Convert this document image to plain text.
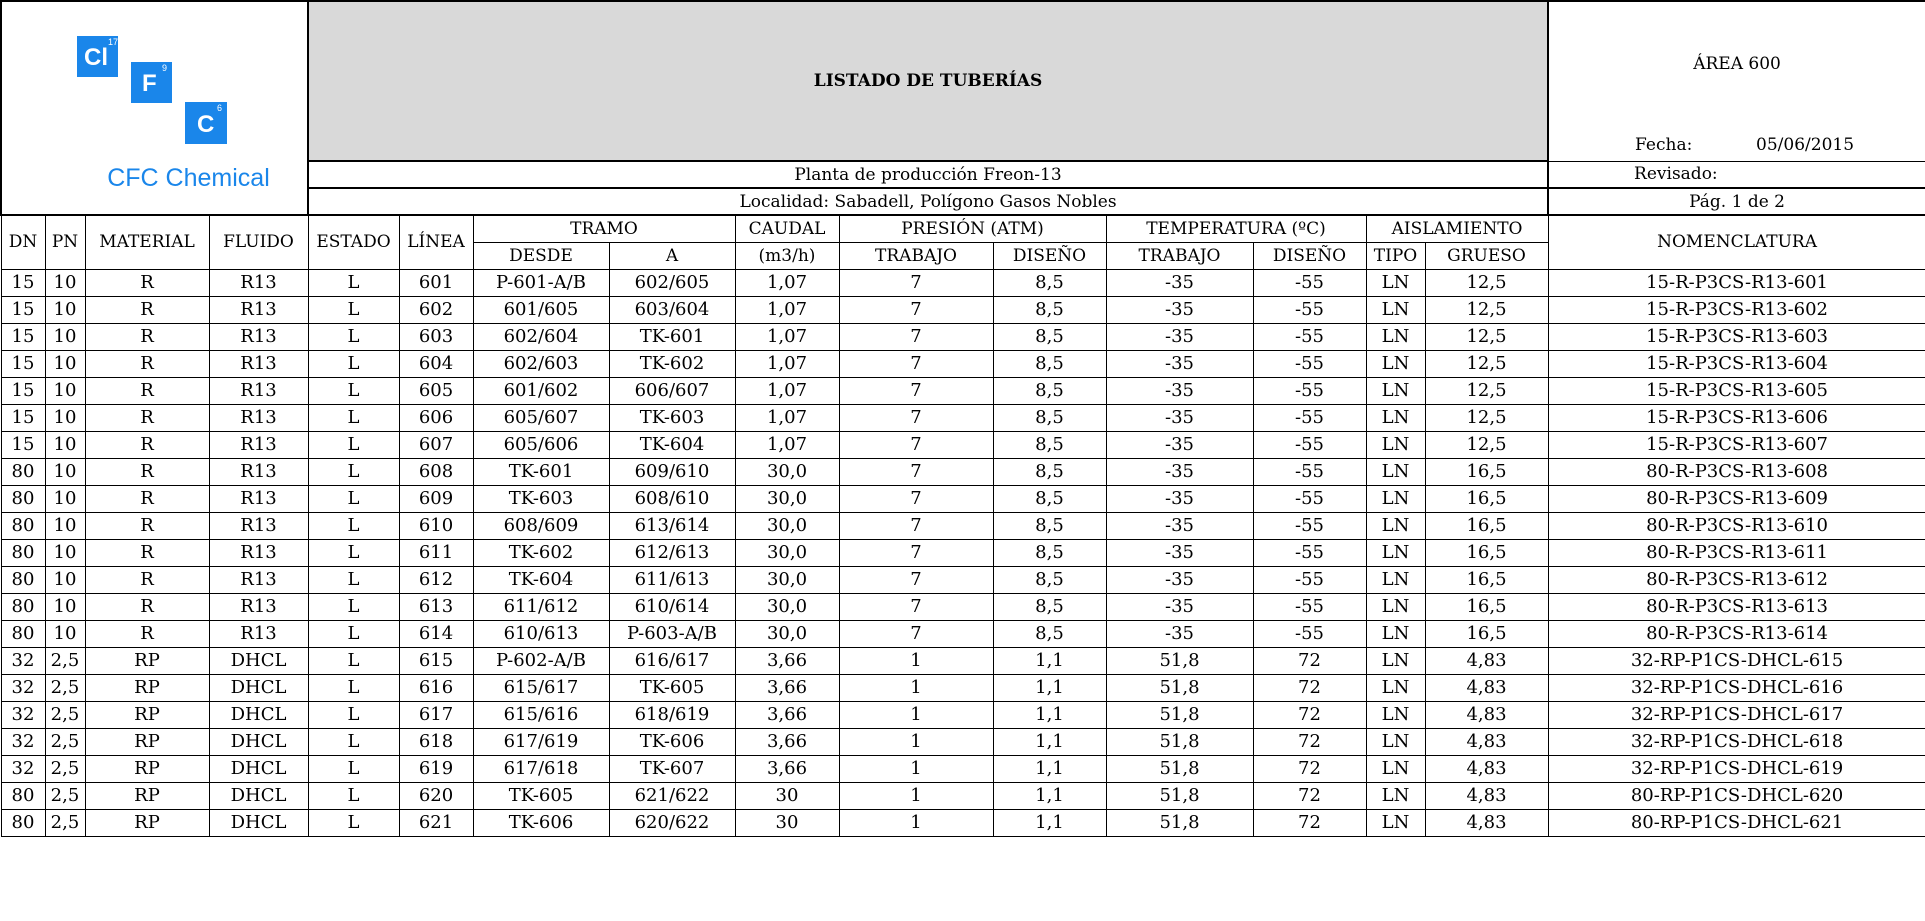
				LISTADO DE TUBERÍAS											ÁREA 600

															Fecha: 05/06/2015

				Planta de producción Freon-13											Revisado:
				Localidad: Sabadell, Polígono Gasos Nobles											Pág. 1 de 2
DN	PN	MATERIAL	FLUIDO	ESTADO	LÍNEA	TRAMO		CAUDAL	PRESIÓN (ATM)		TEMPERATURA (ºC)		AISLAMIENTO		NOMENCLATURA
						DESDE	A	(m3/h)	TRABAJO	DISEÑO	TRABAJO	DISEÑO	TIPO	GRUESO	
15	10	R	R13	L	601	P-601-A/B	602/605	1,07	7	8,5	-35	-55	LN	12,5	15-R-P3CS-R13-601
15	10	R	R13	L	602	601/605	603/604	1,07	7	8,5	-35	-55	LN	12,5	15-R-P3CS-R13-602
15	10	R	R13	L	603	602/604	TK-601	1,07	7	8,5	-35	-55	LN	12,5	15-R-P3CS-R13-603
15	10	R	R13	L	604	602/603	TK-602	1,07	7	8,5	-35	-55	LN	12,5	15-R-P3CS-R13-604
15	10	R	R13	L	605	601/602	606/607	1,07	7	8,5	-35	-55	LN	12,5	15-R-P3CS-R13-605
15	10	R	R13	L	606	605/607	TK-603	1,07	7	8,5	-35	-55	LN	12,5	15-R-P3CS-R13-606
15	10	R	R13	L	607	605/606	TK-604	1,07	7	8,5	-35	-55	LN	12,5	15-R-P3CS-R13-607
80	10	R	R13	L	608	TK-601	609/610	30,0	7	8,5	-35	-55	LN	16,5	80-R-P3CS-R13-608
80	10	R	R13	L	609	TK-603	608/610	30,0	7	8,5	-35	-55	LN	16,5	80-R-P3CS-R13-609
80	10	R	R13	L	610	608/609	613/614	30,0	7	8,5	-35	-55	LN	16,5	80-R-P3CS-R13-610
80	10	R	R13	L	611	TK-602	612/613	30,0	7	8,5	-35	-55	LN	16,5	80-R-P3CS-R13-611
80	10	R	R13	L	612	TK-604	611/613	30,0	7	8,5	-35	-55	LN	16,5	80-R-P3CS-R13-612
80	10	R	R13	L	613	611/612	610/614	30,0	7	8,5	-35	-55	LN	16,5	80-R-P3CS-R13-613
80	10	R	R13	L	614	610/613	P-603-A/B	30,0	7	8,5	-35	-55	LN	16,5	80-R-P3CS-R13-614
32	2,5	RP	DHCL	L	615	P-602-A/B	616/617	3,66	1	1,1	51,8	72	LN	4,83	32-RP-P1CS-DHCL-615
32	2,5	RP	DHCL	L	616	615/617	TK-605	3,66	1	1,1	51,8	72	LN	4,83	32-RP-P1CS-DHCL-616
32	2,5	RP	DHCL	L	617	615/616	618/619	3,66	1	1,1	51,8	72	LN	4,83	32-RP-P1CS-DHCL-617
32	2,5	RP	DHCL	L	618	617/619	TK-606	3,66	1	1,1	51,8	72	LN	4,83	32-RP-P1CS-DHCL-618
32	2,5	RP	DHCL	L	619	617/618	TK-607	3,66	1	1,1	51,8	72	LN	4,83	32-RP-P1CS-DHCL-619
80	2,5	RP	DHCL	L	620	TK-605	621/622	30	1	1,1	51,8	72	LN	4,83	80-RP-P1CS-DHCL-620
80	2,5	RP	DHCL	L	621	TK-606	620/622	30	1	1,1	51,8	72	LN	4,83	80-RP-P1CS-DHCL-621
17
Cl	9
F
6
C
CFC Chemical
